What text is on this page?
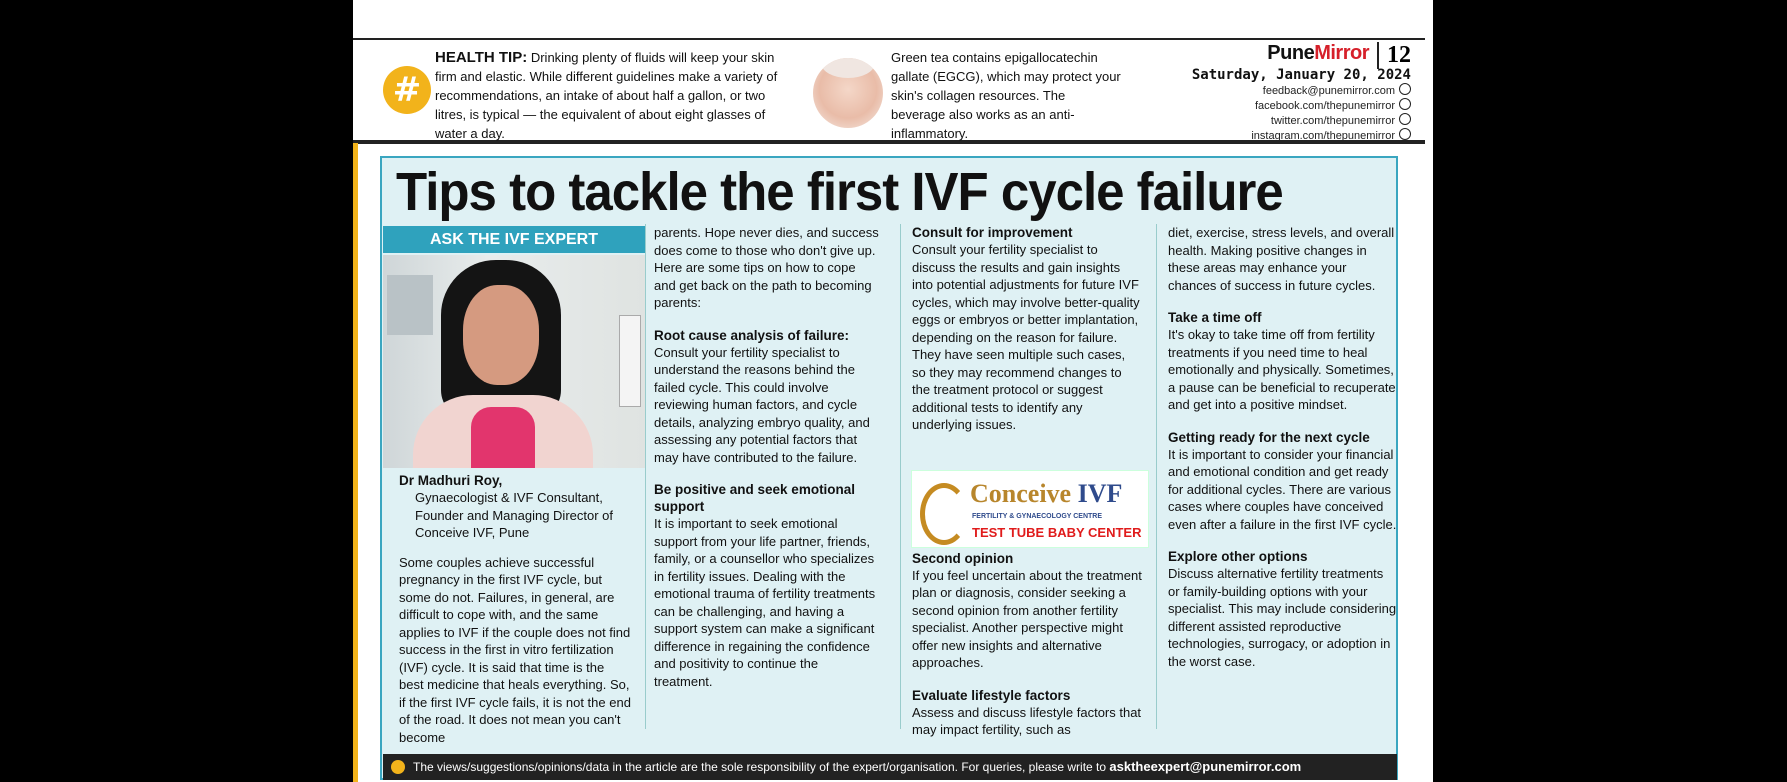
#
HEALTH TIP: Drinking plenty of fluids will keep your skin firm and elastic. While different guidelines make a variety of recommendations, an intake of about half a gallon, or two litres, is typical — the equivalent of about eight glasses of water a day.
Green tea contains epigallocatechin gallate (EGCG), which may protect your skin's collagen resources. The beverage also works as an anti-inflammatory.
PuneMirror 12
Saturday, January 20, 2024
feedback@punemirror.com
facebook.com/thepunemirror
twitter.com/thepunemirror
instagram.com/thepunemirror
Tips to tackle the first IVF cycle failure
ASK THE IVF EXPERT
Dr Madhuri Roy,

Gynaecologist & IVF Consultant, Founder and Managing Director of Conceive IVF, Pune

Some couples achieve successful pregnancy in the first IVF cycle, but some do not. Failures, in general, are difficult to cope with, and the same applies to IVF if the couple does not find success in the first in vitro fertilization (IVF) cycle. It is said that time is the best medicine that heals everything. So, if the first IVF cycle fails, it is not the end of the road. It does not mean you can't become

parents. Hope never dies, and success does come to those who don't give up. Here are some tips on how to cope and get back on the path to becoming parents:

Root cause analysis of failure:

Consult your fertility specialist to understand the reasons behind the failed cycle. This could involve reviewing human factors, and cycle details, analyzing embryo quality, and assessing any potential factors that may have contributed to the failure.

Be positive and seek emotional support

It is important to seek emotional support from your life partner, friends, family, or a counsellor who specializes in fertility issues. Dealing with the emotional trauma of fertility treatments can be challenging, and having a support system can make a significant difference in regaining the confidence and positivity to continue the treatment.

Consult for improvement

Consult your fertility specialist to discuss the results and gain insights into potential adjustments for future IVF cycles, which may involve better-quality eggs or embryos or better implantation, depending on the reason for failure. They have seen multiple such cases, so they may recommend changes to the treatment protocol or suggest additional tests to identify any underlying issues.

Second opinion

If you feel uncertain about the treatment plan or diagnosis, consider seeking a second opinion from another fertility specialist. Another perspective might offer new insights and alternative approaches.

Evaluate lifestyle factors

Assess and discuss lifestyle factors that may impact fertility, such as

Conceive IVF
FERTILITY & GYNAECOLOGY CENTRE
TEST TUBE BABY CENTER

diet, exercise, stress levels, and overall health. Making positive changes in these areas may enhance your chances of success in future cycles.

Take a time off

It's okay to take time off from fertility treatments if you need time to heal emotionally and physically. Sometimes, a pause can be beneficial to recuperate and get into a positive mindset.

Getting ready for the next cycle

It is important to consider your financial and emotional condition and get ready for additional cycles. There are various cases where couples have conceived even after a failure in the first IVF cycle.

Explore other options

Discuss alternative fertility treatments or family-building options with your specialist. This may include considering different assisted reproductive technologies, surrogacy, or adoption in the worst case.

The views/suggestions/opinions/data in the article are the sole responsibility of the expert/organisation. For queries, please write to asktheexpert@punemirror.com
